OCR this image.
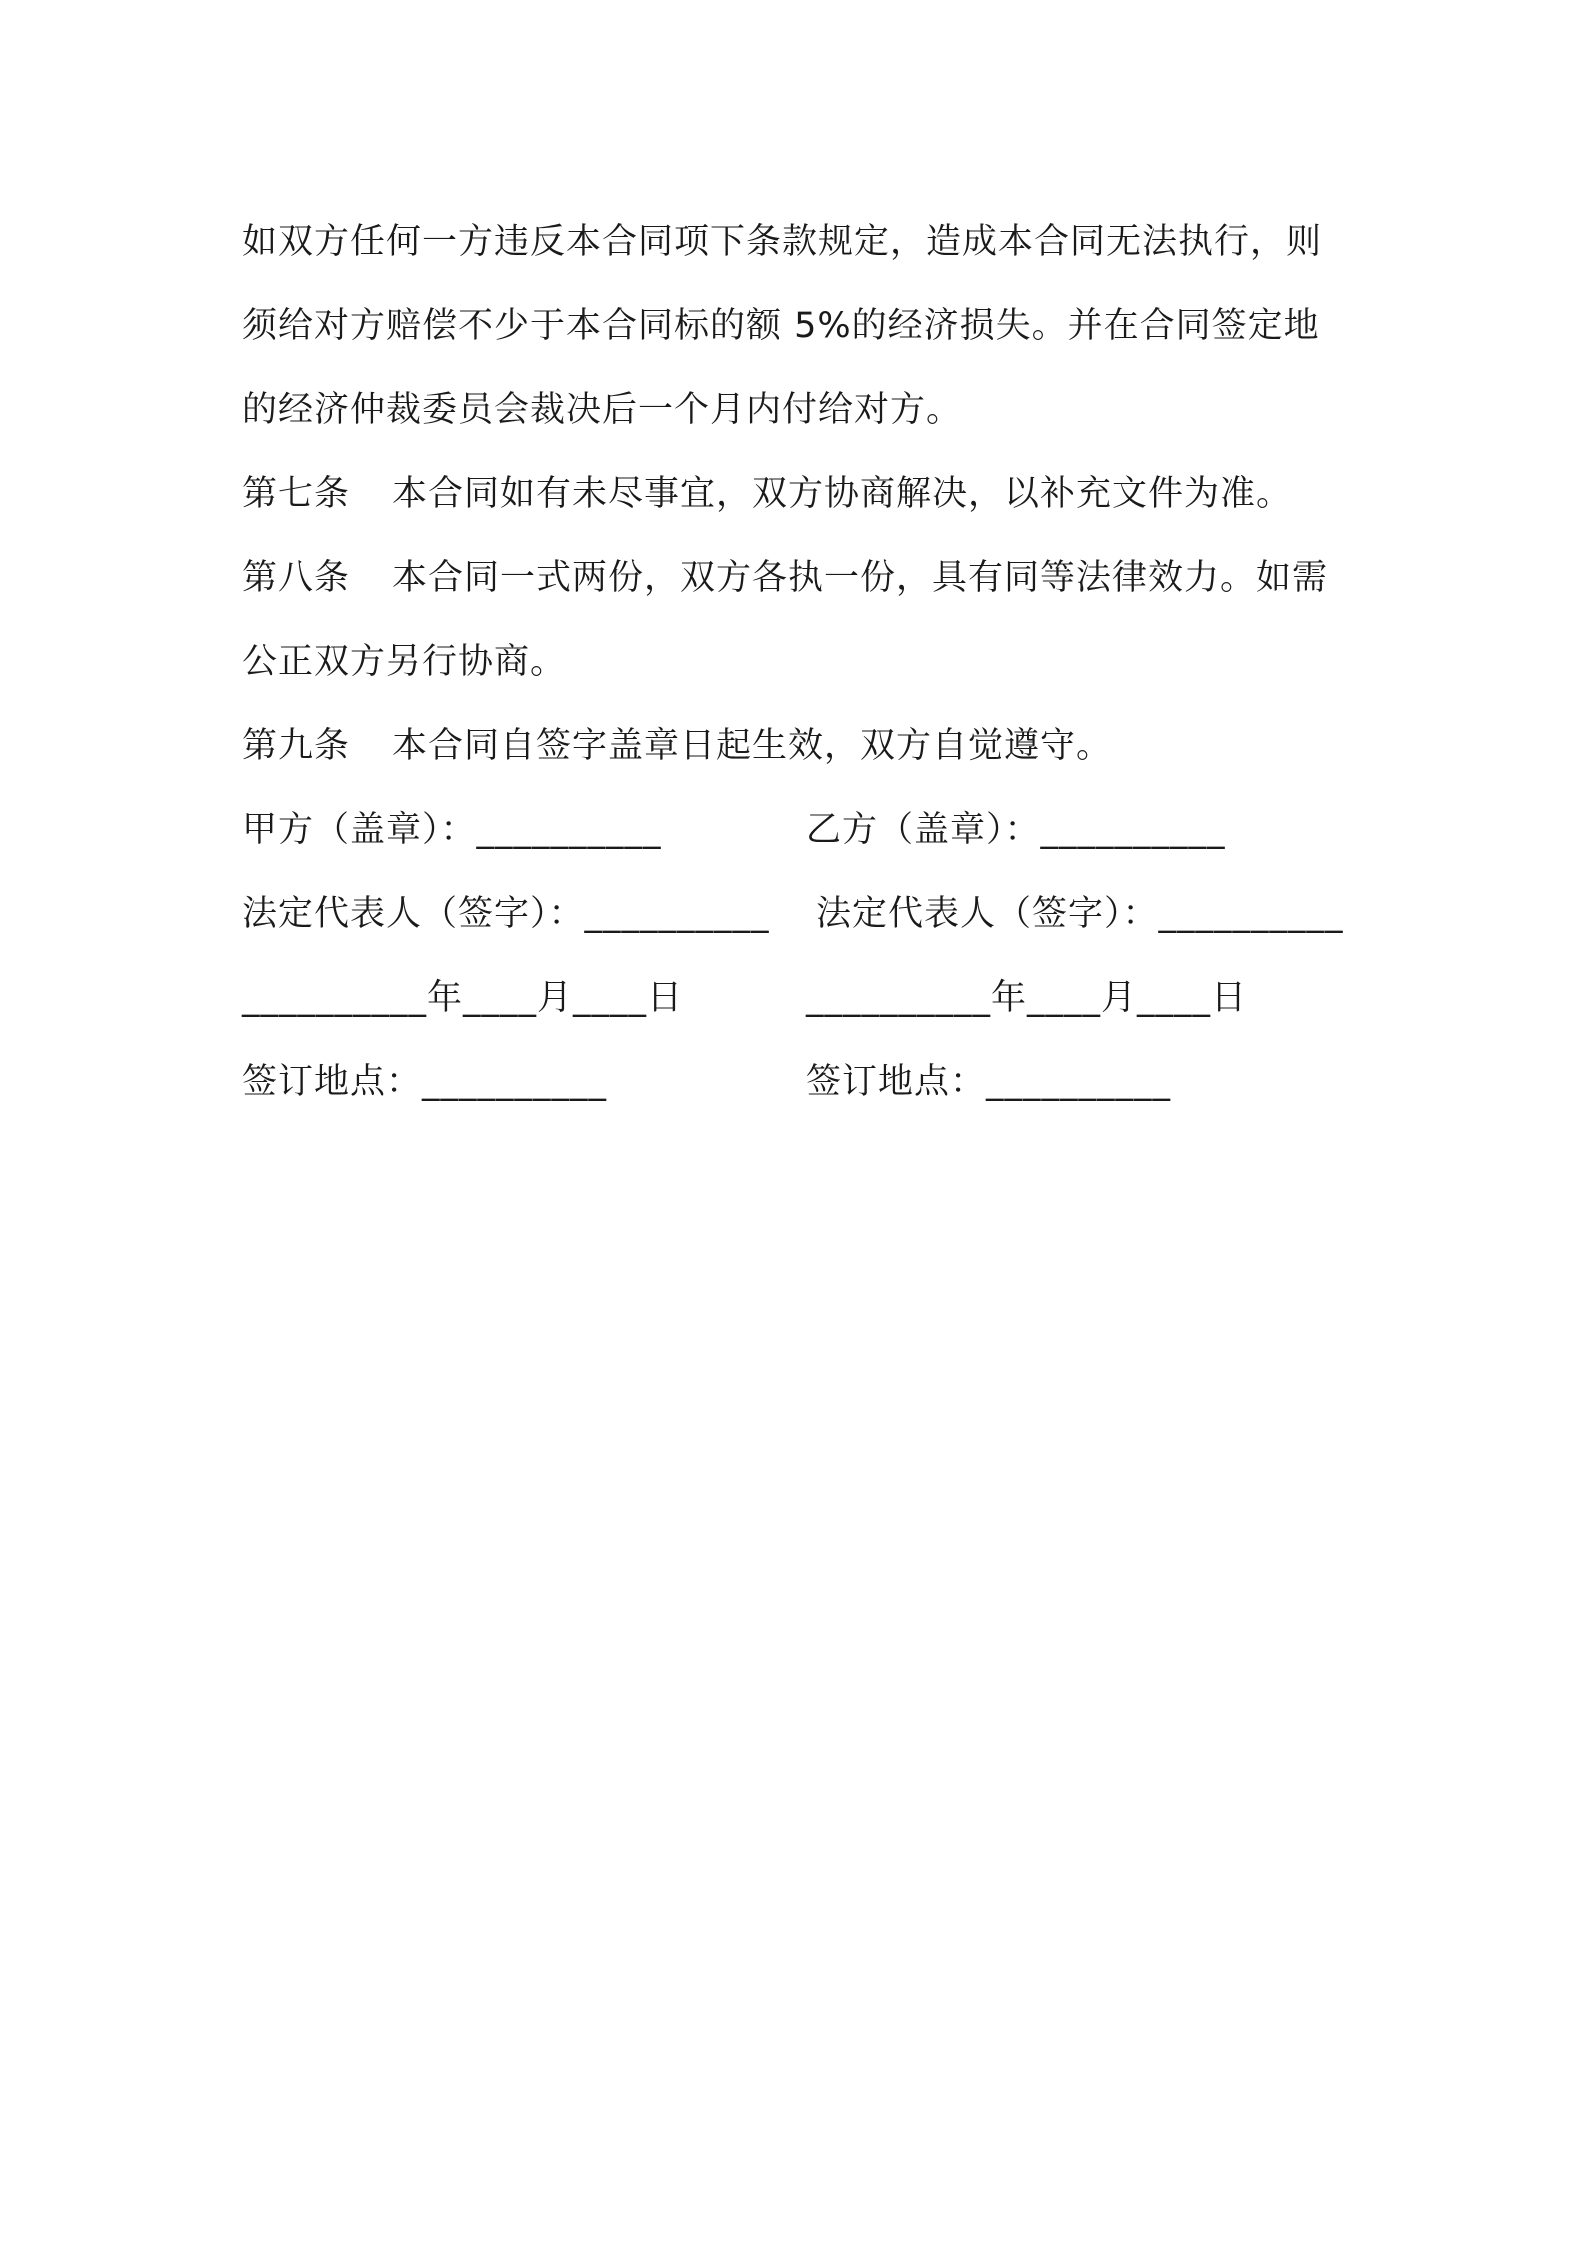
如双方任何一方违反本合同项下条款规定，造成本合同无法执行，则
须给对方赔偿不少于本合同标的额 5%的经济损失。并在合同签定地
的经济仲裁委员会裁决后一个月内付给对方。
第七条 本合同如有未尽事宜，双方协商解决，以补充文件为准。
第八条 本合同一式两份，双方各执一份，具有同等法律效力。如需
公正双方另行协商。
第九条 本合同自签字盖章日起生效，双方自觉遵守。
甲方（盖章）：__________	乙方（盖章）：__________
法定代表人（签字）：__________ 法定代表人（签字）：__________
__________年____月____日	__________年____月____日
签订地点：__________	签订地点：__________
